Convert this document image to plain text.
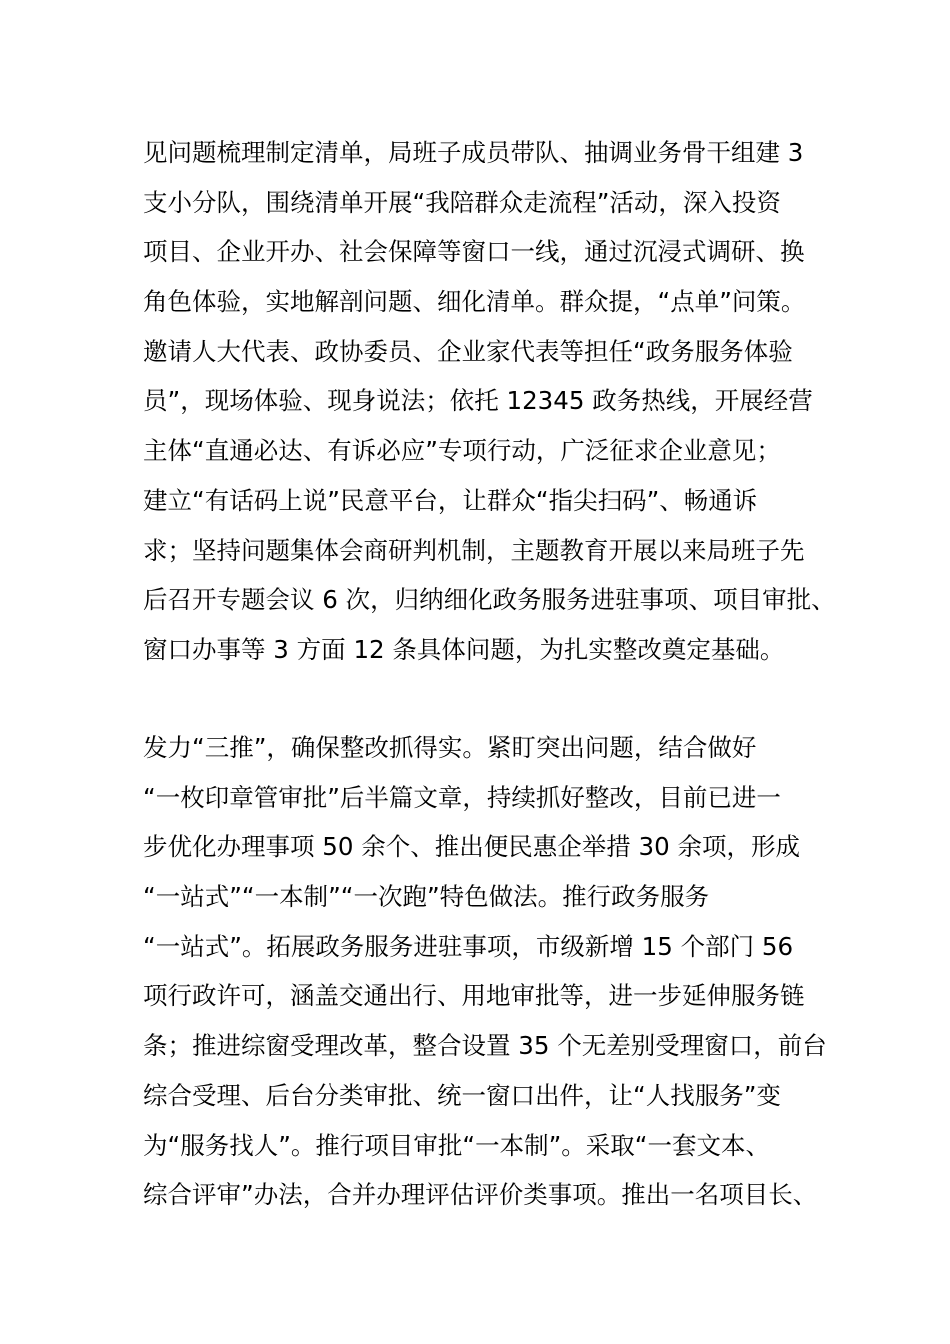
见问题梳理制定清单，局班子成员带队、抽调业务骨干组建 3
支小分队，围绕清单开展“我陪群众走流程”活动，深入投资
项目、企业开办、社会保障等窗口一线，通过沉浸式调研、换
角色体验，实地解剖问题、细化清单。群众提，“点单”问策。
邀请人大代表、政协委员、企业家代表等担任“政务服务体验
员”，现场体验、现身说法；依托 12345 政务热线，开展经营
主体“直通必达、有诉必应”专项行动，广泛征求企业意见；
建立“有话码上说”民意平台，让群众“指尖扫码”、畅通诉
求；坚持问题集体会商研判机制，主题教育开展以来局班子先
后召开专题会议 6 次，归纳细化政务服务进驻事项、项目审批、
窗口办事等 3 方面 12 条具体问题，为扎实整改奠定基础。
发力“三推”，确保整改抓得实。紧盯突出问题，结合做好
“一枚印章管审批”后半篇文章，持续抓好整改，目前已进一
步优化办理事项 50 余个、推出便民惠企举措 30 余项，形成
“一站式”“一本制”“一次跑”特色做法。推行政务服务
“一站式”。拓展政务服务进驻事项，市级新增 15 个部门 56
项行政许可，涵盖交通出行、用地审批等，进一步延伸服务链
条；推进综窗受理改革，整合设置 35 个无差别受理窗口，前台
综合受理、后台分类审批、统一窗口出件，让“人找服务”变
为“服务找人”。推行项目审批“一本制”。采取“一套文本、
综合评审”办法，合并办理评估评价类事项。推出一名项目长、
